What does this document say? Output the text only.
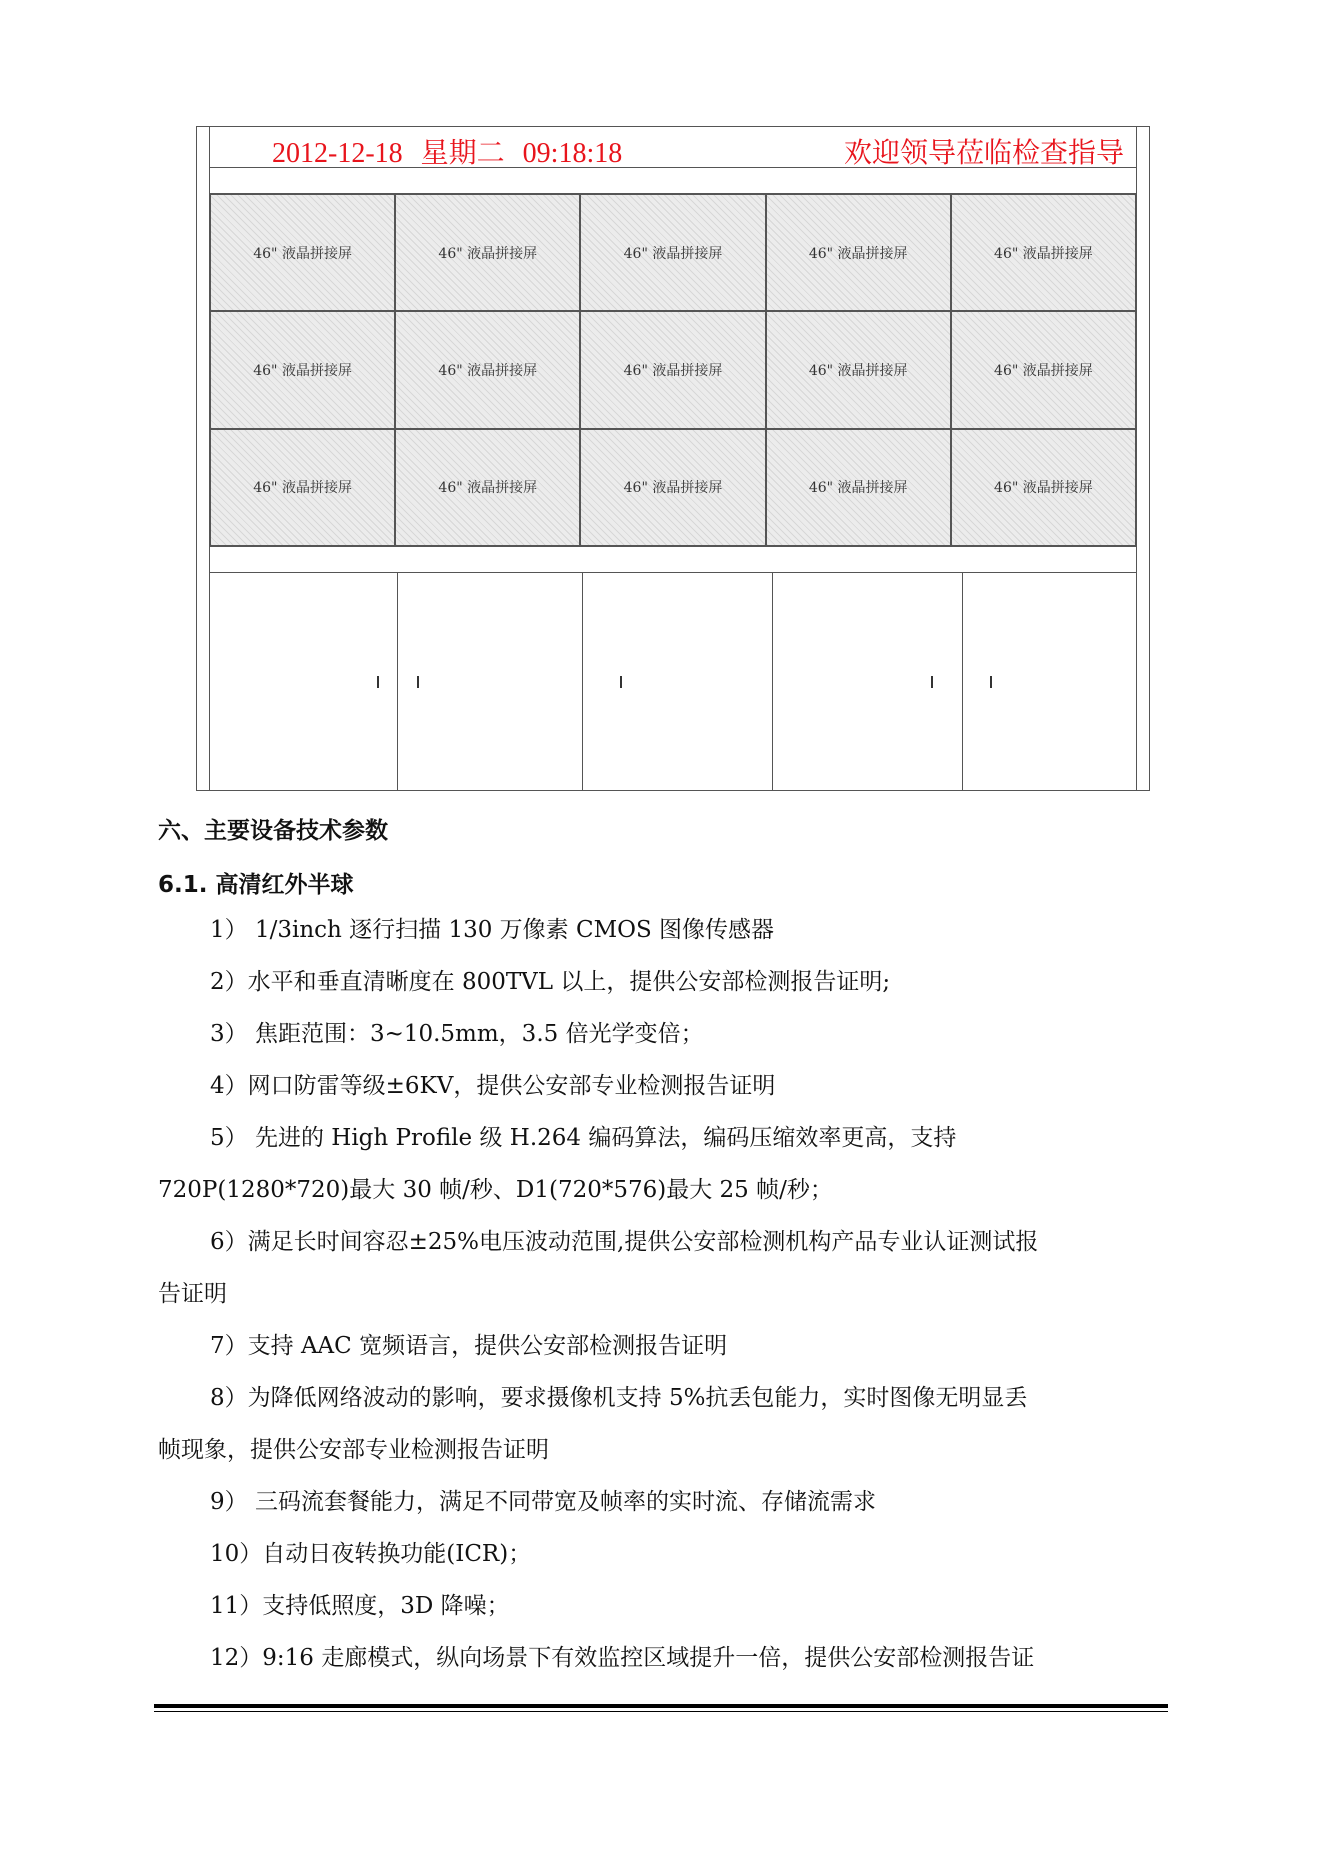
2012-12-18 星期二 09:18:18	欢迎领导莅临检查指导
46" 液晶拼接屏	46" 液晶拼接屏	46" 液晶拼接屏	46" 液晶拼接屏	46" 液晶拼接屏
46" 液晶拼接屏	46" 液晶拼接屏	46" 液晶拼接屏	46" 液晶拼接屏	46" 液晶拼接屏
46" 液晶拼接屏	46" 液晶拼接屏	46" 液晶拼接屏	46" 液晶拼接屏	46" 液晶拼接屏
六、主要设备技术参数
6.1. 高清红外半球
1） 1/3inch 逐行扫描 130 万像素 CMOS 图像传感器
2）水平和垂直清晰度在 800TVL 以上，提供公安部检测报告证明;
3） 焦距范围：3~10.5mm，3.5 倍光学变倍；
4）网口防雷等级±6KV，提供公安部专业检测报告证明
5） 先进的 High Profile 级 H.264 编码算法，编码压缩效率更高，支持
720P(1280*720)最大 30 帧/秒、D1(720*576)最大 25 帧/秒；
6）满足长时间容忍±25%电压波动范围,提供公安部检测机构产品专业认证测试报
告证明
7）支持 AAC 宽频语言，提供公安部检测报告证明
8）为降低网络波动的影响，要求摄像机支持 5%抗丢包能力，实时图像无明显丢
帧现象，提供公安部专业检测报告证明
9） 三码流套餐能力，满足不同带宽及帧率的实时流、存储流需求
10）自动日夜转换功能(ICR)；
11）支持低照度，3D 降噪；
12）9:16 走廊模式，纵向场景下有效监控区域提升一倍，提供公安部检测报告证
